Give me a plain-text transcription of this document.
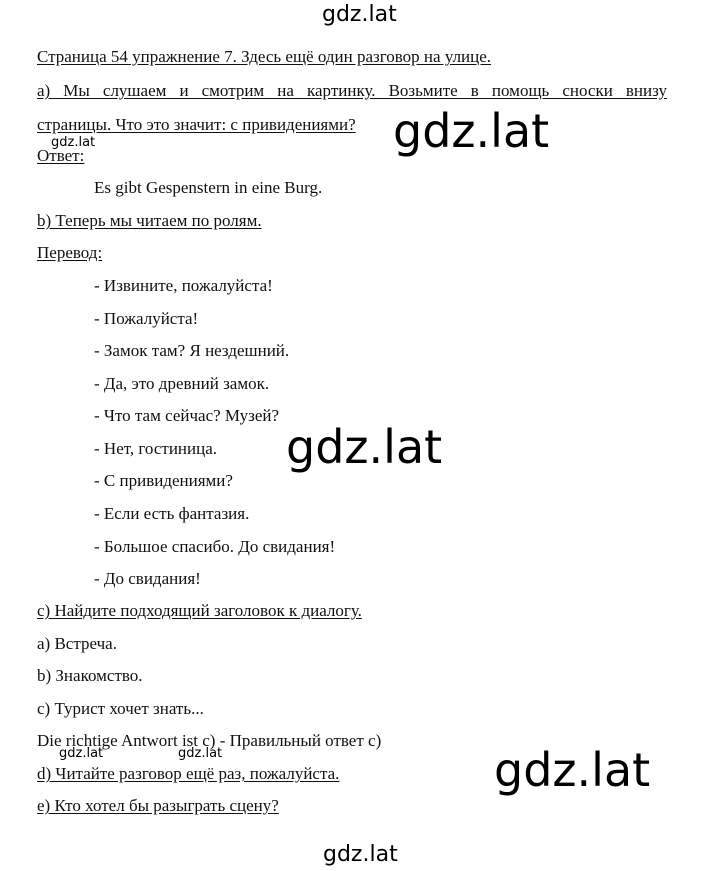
gdz.lat
gdz.lat
gdz.lat
gdz.lat
gdz.lat	gdz.lat	gdz.lat
gdz.lat
Страница 54 упражнение 7. Здесь ещё один разговор на улице.
а) Мы слушаем и смотрим на картинку. Возьмите в помощь сноски внизу
страницы. Что это значит: с привидениями?
Ответ:
Es gibt Gespenstern in eine Burg.
b) Теперь мы читаем по ролям.
Перевод:
- Извините, пожалуйста!
- Пожалуйста!
- Замок там? Я нездешний.
- Да, это древний замок.
- Что там сейчас? Музей?
- Нет, гостиница.
- С привидениями?
- Если есть фантазия.
- Большое спасибо. До свидания!
- До свидания!
c) Найдите подходящий заголовок к диалогу.
а) Встреча.
b) Знакомство.
c) Турист хочет знать...
Die richtige Antwort ist c) - Правильный ответ c)
d) Читайте разговор ещё раз, пожалуйста.
e) Кто хотел бы разыграть сцену?
